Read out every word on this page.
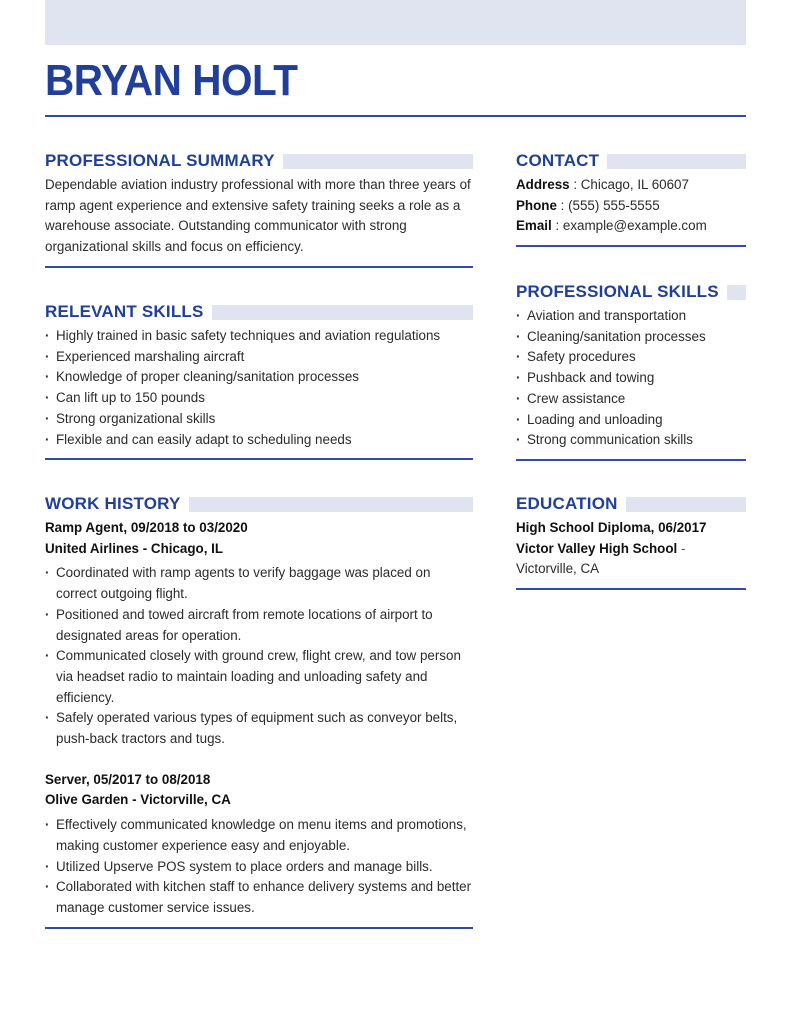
BRYAN HOLT
PROFESSIONAL SUMMARY
Dependable aviation industry professional with more than three years of ramp agent experience and extensive safety training seeks a role as a warehouse associate. Outstanding communicator with strong organizational skills and focus on efficiency.
RELEVANT SKILLS
· Highly trained in basic safety techniques and aviation regulations
· Experienced marshaling aircraft
· Knowledge of proper cleaning/sanitation processes
· Can lift up to 150 pounds
· Strong organizational skills
· Flexible and can easily adapt to scheduling needs
WORK HISTORY
Ramp Agent, 09/2018 to 03/2020
United Airlines - Chicago, IL
· Coordinated with ramp agents to verify baggage was placed on correct outgoing flight.
· Positioned and towed aircraft from remote locations of airport to designated areas for operation.
· Communicated closely with ground crew, flight crew, and tow person via headset radio to maintain loading and unloading safety and efficiency.
· Safely operated various types of equipment such as conveyor belts, push-back tractors and tugs.
Server, 05/2017 to 08/2018
Olive Garden - Victorville, CA
· Effectively communicated knowledge on menu items and promotions, making customer experience easy and enjoyable.
· Utilized Upserve POS system to place orders and manage bills.
· Collaborated with kitchen staff to enhance delivery systems and better manage customer service issues.
CONTACT
Address : Chicago, IL 60607
Phone : (555) 555-5555
Email : example@example.com
PROFESSIONAL SKILLS
· Aviation and transportation
· Cleaning/sanitation processes
· Safety procedures
· Pushback and towing
· Crew assistance
· Loading and unloading
· Strong communication skills
EDUCATION
High School Diploma, 06/2017
Victor Valley High School -
Victorville, CA
